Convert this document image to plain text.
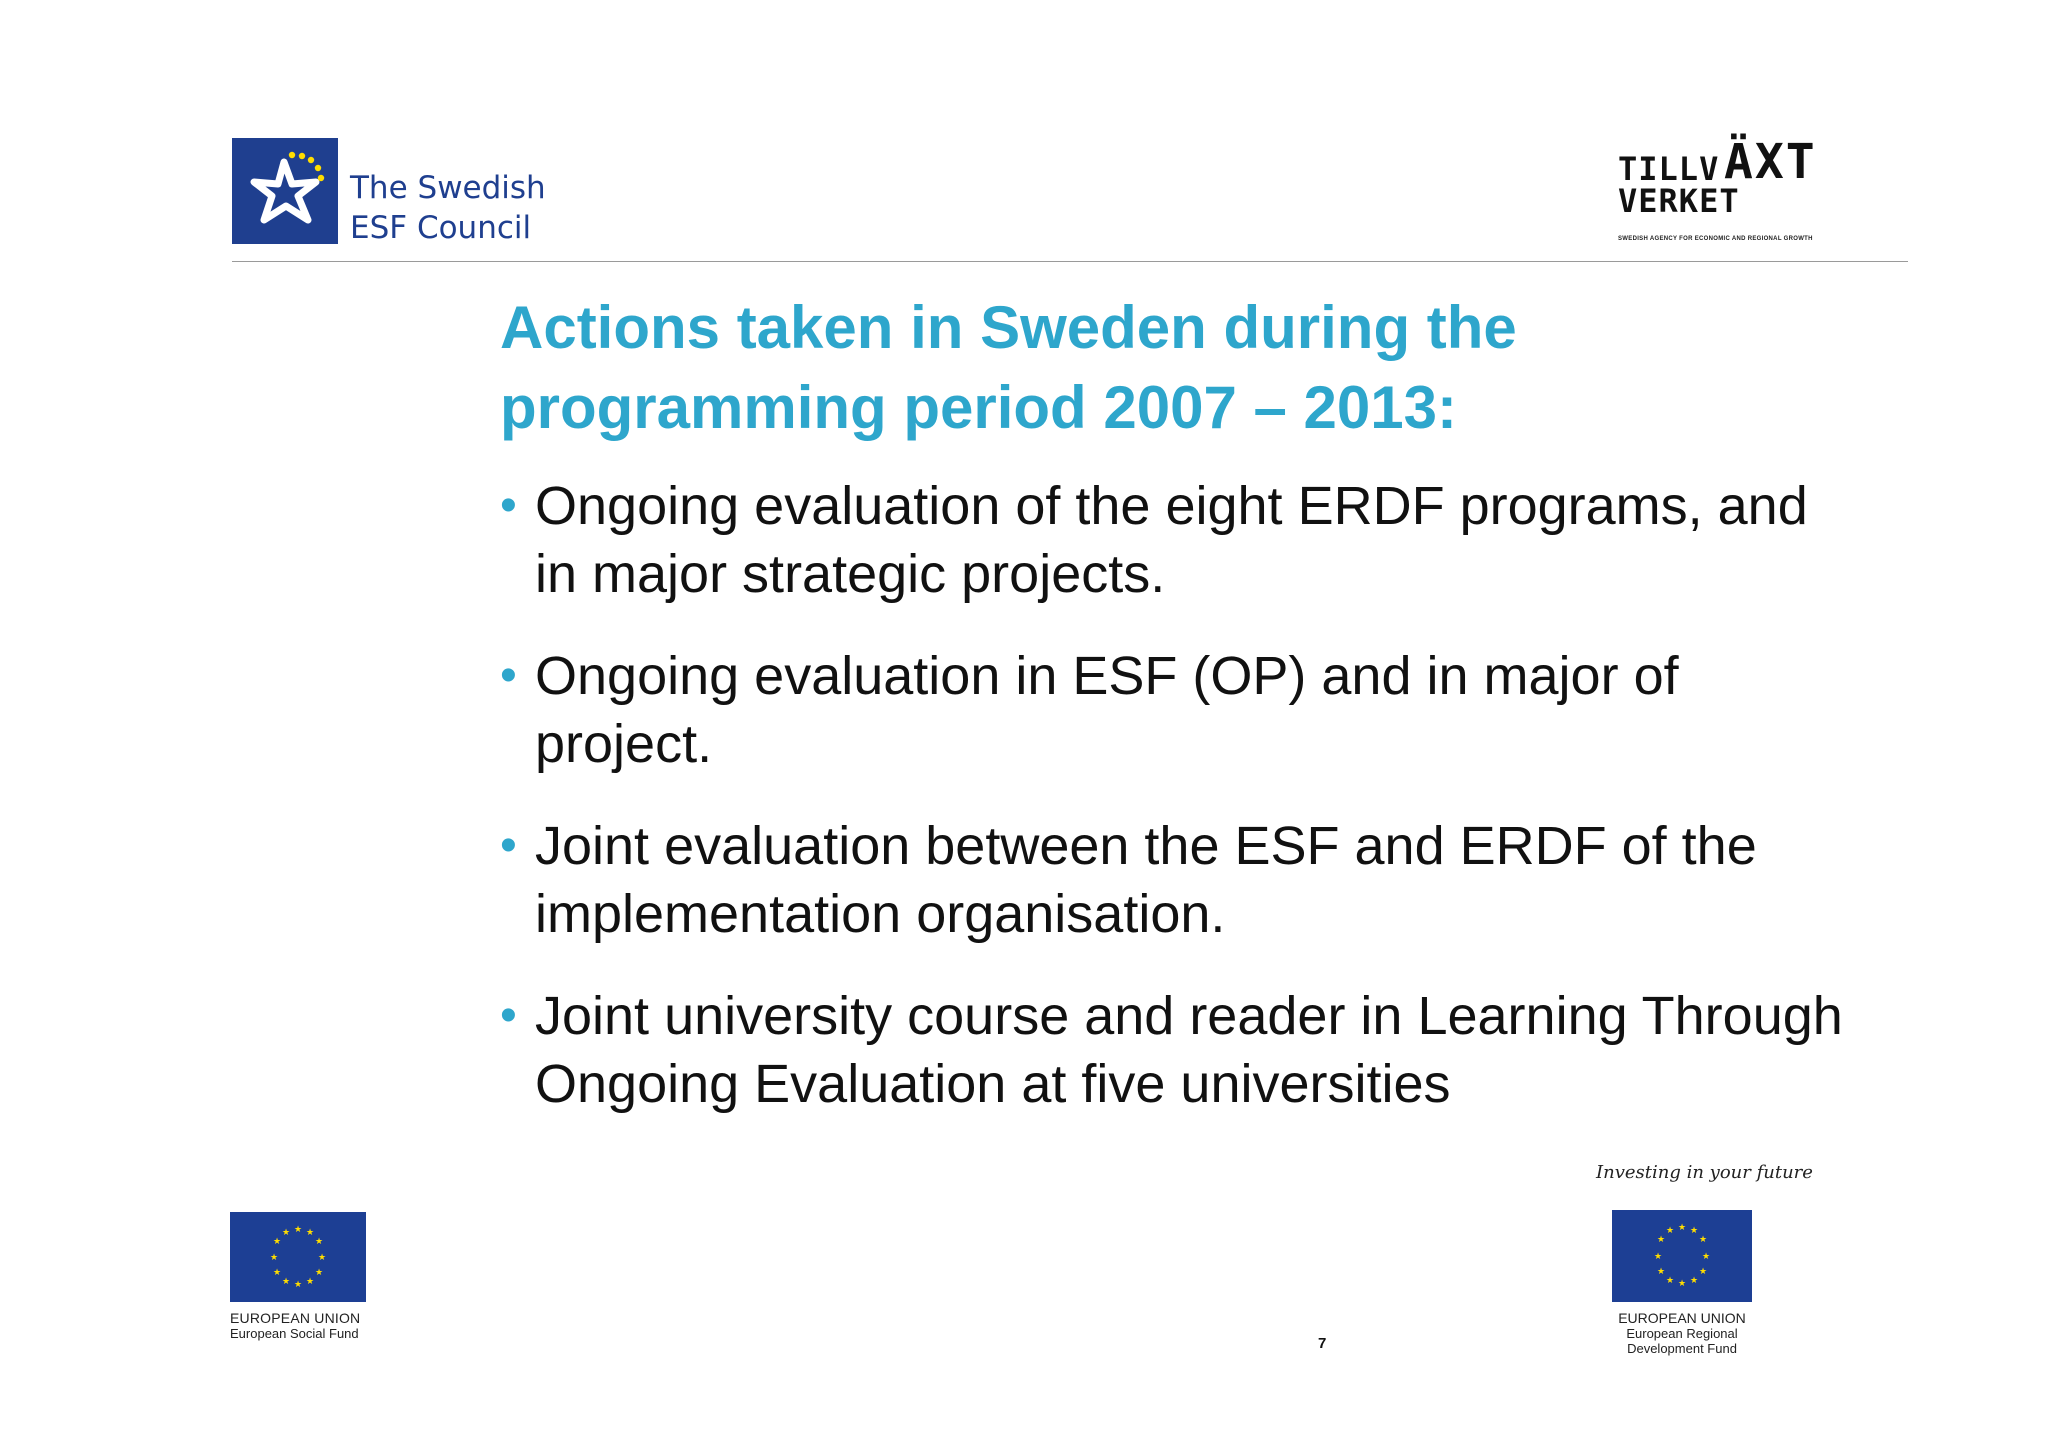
The Swedish
ESF Council
TILLV ÄXT
VERKET
SWEDISH AGENCY FOR ECONOMIC AND REGIONAL GROWTH
Actions taken in Sweden during the programming period 2007 – 2013:
• Ongoing evaluation of the eight ERDF programs, and in major strategic projects.
• Ongoing evaluation in ESF (OP) and in major of project.
• Joint evaluation between the ESF and ERDF of the implementation organisation.
• Joint university course and reader in Learning Through Ongoing Evaluation at five universities
★ ★
★
★
★
★
★
★
★
★
★
★
EUROPEAN UNION
European Social Fund
Investing in your future
★ ★
★
★
★
★
★
★
★
★
★
★
EUROPEAN UNION
European Regional
Development Fund
7
